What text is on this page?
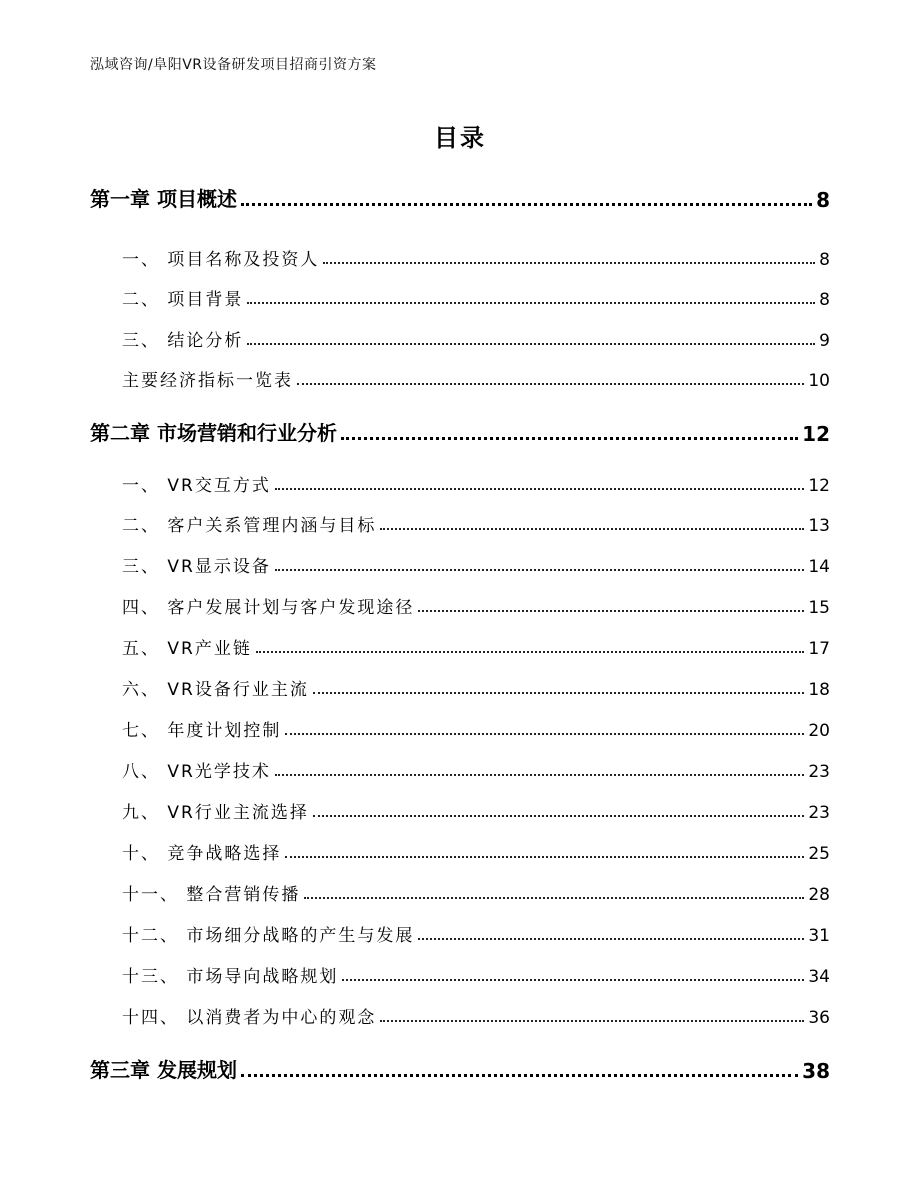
泓域咨询/阜阳VR设备研发项目招商引资方案
目录
第一章 项目概述	8
一、 项目名称及投资人	8
二、 项目背景	8
三、 结论分析	9
主要经济指标一览表	10
第二章 市场营销和行业分析	12
一、 VR交互方式	12
二、 客户关系管理内涵与目标	13
三、 VR显示设备	14
四、 客户发展计划与客户发现途径	15
五、 VR产业链	17
六、 VR设备行业主流	18
七、 年度计划控制	20
八、 VR光学技术	23
九、 VR行业主流选择	23
十、 竞争战略选择	25
十一、 整合营销传播	28
十二、 市场细分战略的产生与发展	31
十三、 市场导向战略规划	34
十四、 以消费者为中心的观念	36
第三章 发展规划	38
